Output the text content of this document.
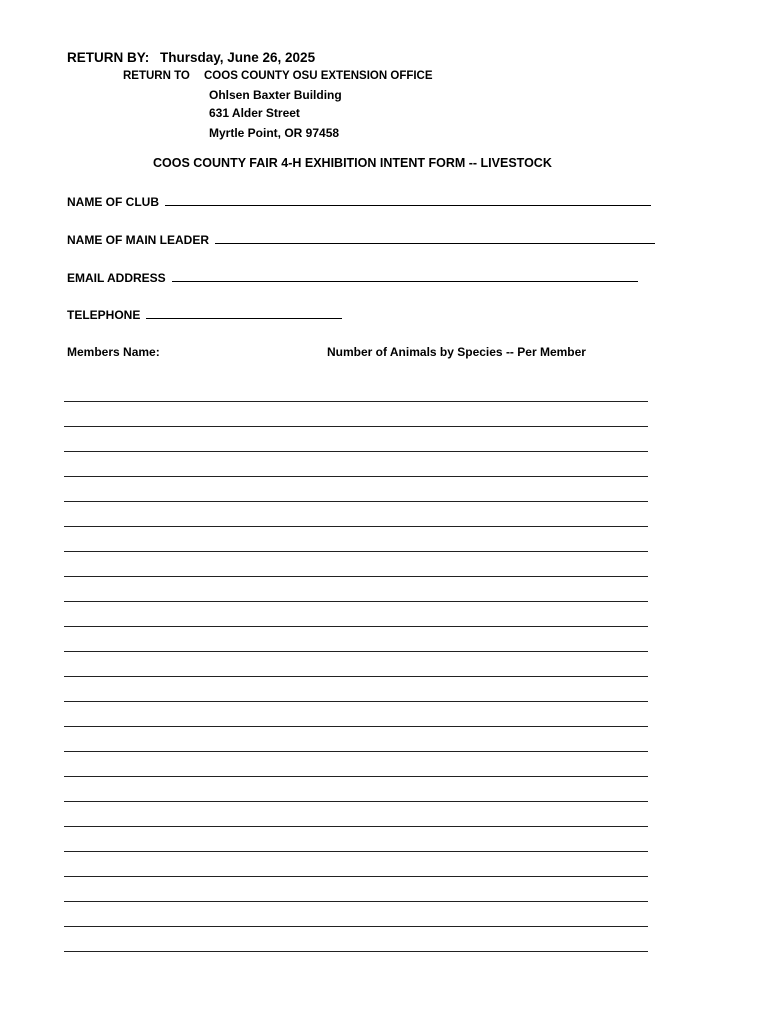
RETURN BY: Thursday, June 26, 2025
RETURN TO COOS COUNTY OSU EXTENSION OFFICE
Ohlsen Baxter Building
631 Alder Street
Myrtle Point, OR 97458
COOS COUNTY FAIR 4-H EXHIBITION INTENT FORM -- LIVESTOCK
NAME OF CLUB
NAME OF MAIN LEADER
EMAIL ADDRESS
TELEPHONE
Members Name:	Number of Animals by Species -- Per Member
